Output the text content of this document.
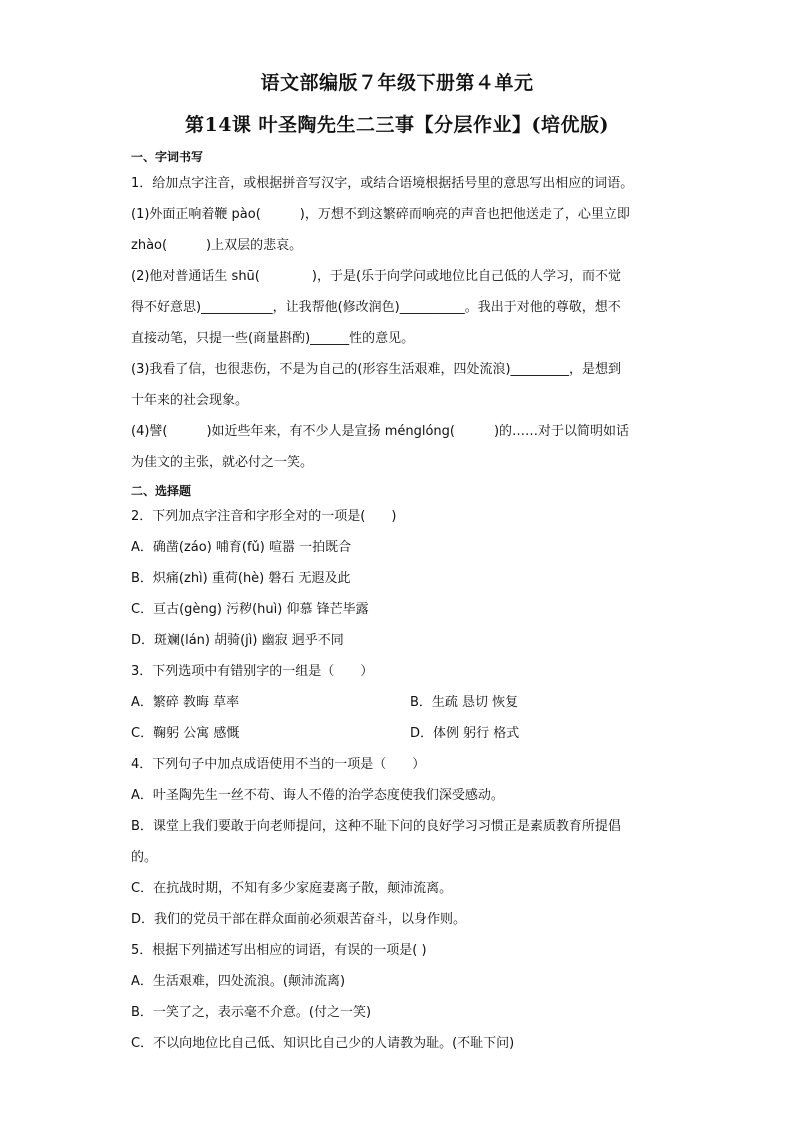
语文部编版７年级下册第４单元
第14课 叶圣陶先生二三事【分层作业】(培优版)
一、字词书写
1．给加点字注音，或根据拼音写汉字，或结合语境根据括号里的意思写出相应的词语。
(1)外面正响着鞭 pào(　　　)，万想不到这繁碎而响亮的声音也把他送走了，心里立即
zhào(　　　)上双层的悲哀。
(2)他对普通话生 shū(　　　　)，于是(乐于向学问或地位比自己低的人学习，而不觉
得不好意思)___________，让我帮他(修改润色)__________。我出于对他的尊敬，想不
直接动笔，只提一些(商量斟酌)______性的意见。
(3)我看了信，也很悲伤，不是为自己的(形容生活艰难，四处流浪)_________，是想到
十年来的社会现象。
(4)譬(　　　)如近些年来，有不少人是宣扬 ménglóng(　　　)的……对于以简明如话
为佳文的主张，就必付之一笑。
二、选择题
2．下列加点字注音和字形全对的一项是(　　)
A．确凿(záo) 哺育(fǔ) 喧嚣 一拍既合
B．炽痛(zhì) 重荷(hè) 磐石 无遐及此
C．亘古(gèng) 污秽(huì) 仰慕 锋芒毕露
D．斑斓(lán) 胡骑(jì) 幽寂 迥乎不同
3．下列选项中有错别字的一组是（　　）
A．繁碎 教晦 草率	B．生疏 恳切 恢复
C．鞠躬 公寓 感慨	D．体例 躬行 格式
4．下列句子中加点成语使用不当的一项是（　　）
A．叶圣陶先生一丝不苟、诲人不倦的治学态度使我们深受感动。
B．课堂上我们要敢于向老师提问，这种不耻下问的良好学习习惯正是素质教育所提倡
的。
C．在抗战时期，不知有多少家庭妻离子散，颠沛流离。
D．我们的党员干部在群众面前必须艰苦奋斗，以身作则。
5．根据下列描述写出相应的词语，有误的一项是( )
A．生活艰难，四处流浪。(颠沛流离)
B．一笑了之，表示毫不介意。(付之一笑)
C．不以向地位比自己低、知识比自己少的人请教为耻。(不耻下问)
